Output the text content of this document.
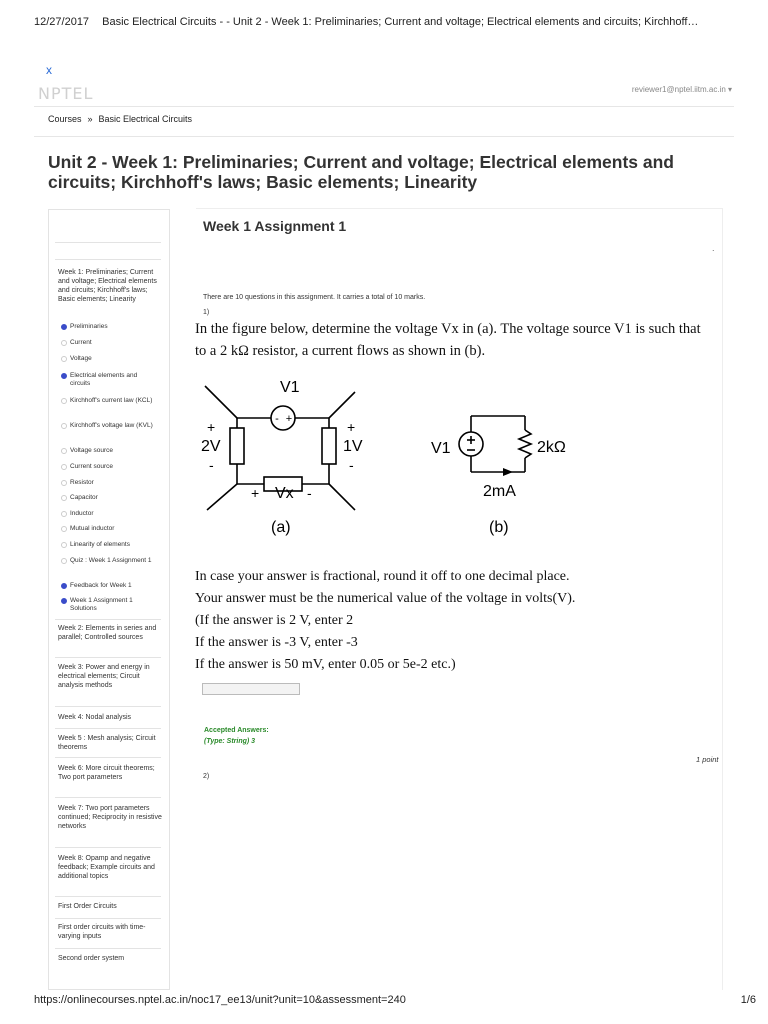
12/27/2017 Basic Electrical Circuits - - Unit 2 - Week 1: Preliminaries; Current and voltage; Electrical elements and circuits; Kirchhoff…
https://onlinecourses.nptel.ac.in/noc17_ee13/unit?unit=10&assessment=240	1/6
x
NPTEL	reviewer1@nptel.iitm.ac.in ▾
Courses » Basic Electrical Circuits
Unit 2 - Week 1: Preliminaries; Current and voltage; Electrical elements and circuits; Kirchhoff's laws; Basic elements; Linearity
Week 1: Preliminaries; Current and voltage; Electrical elements and circuits; Kirchhoff's laws; Basic elements; Linearity
Preliminaries
Current
Voltage
Electrical elements and circuits
Kirchhoff's current law (KCL)
Kirchhoff's voltage law (KVL)
Voltage source
Current source
Resistor
Capacitor
Inductor
Mutual inductor
Linearity of elements
Quiz : Week 1 Assignment 1
Feedback for Week 1
Week 1 Assignment 1 Solutions
Week 2: Elements in series and parallel; Controlled sources
Week 3: Power and energy in electrical elements; Circuit analysis methods
Week 4: Nodal analysis
Week 5 : Mesh analysis; Circuit theorems
Week 6: More circuit theorems; Two port parameters
Week 7: Two port parameters continued; Reciprocity in resistive networks
Week 8: Opamp and negative feedback; Example circuits and additional topics
First Order Circuits
First order circuits with time-varying inputs
Second order system
Week 1 Assignment 1
.
There are 10 questions in this assignment. It carries a total of 10 marks.
1)
In the figure below, determine the voltage Vx in (a). The voltage source V1 is such that
to a 2 kΩ resistor, a current flows as shown in (b).
- +
V1
+
2V
-
+
1V
-
+ Vx -
(a)
V1	2kΩ
2mA
(b)
In case your answer is fractional, round it off to one decimal place.
Your answer must be the numerical value of the voltage in volts(V).
(If the answer is 2 V, enter 2
If the answer is -3 V, enter -3
If the answer is 50 mV, enter 0.05 or 5e-2 etc.)
Accepted Answers:
(Type: String) 3
1 point
2)
